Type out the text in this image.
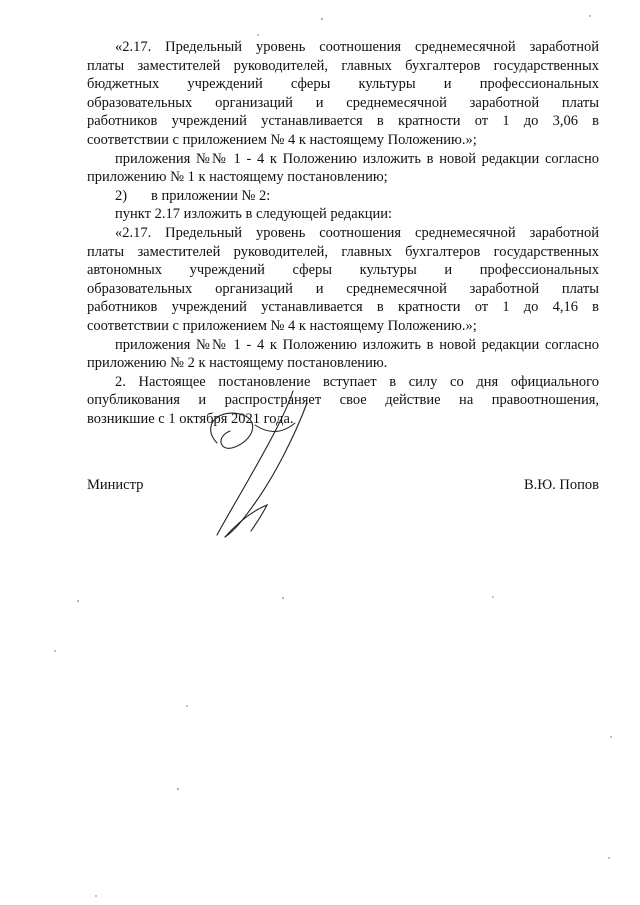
«2.17. Предельный уровень соотношения среднемесячной заработной
платы заместителей руководителей, главных бухгалтеров государственных
бюджетных учреждений сферы культуры и профессиональных
образовательных организаций и среднемесячной заработной платы
работников учреждений устанавливается в кратности от 1 до 3,06 в
соответствии с приложением № 4 к настоящему Положению.»;

приложения №№ 1 - 4 к Положению изложить в новой редакции согласно
приложению № 1 к настоящему постановлению;

2) в приложении № 2:

пункт 2.17 изложить в следующей редакции:

«2.17. Предельный уровень соотношения среднемесячной заработной
платы заместителей руководителей, главных бухгалтеров государственных
автономных учреждений сферы культуры и профессиональных
образовательных организаций и среднемесячной заработной платы
работников учреждений устанавливается в кратности от 1 до 4,16 в
соответствии с приложением № 4 к настоящему Положению.»;

приложения №№ 1 - 4 к Положению изложить в новой редакции согласно
приложению № 2 к настоящему постановлению.

2. Настоящее постановление вступает в силу со дня официального
опубликования и распространяет свое действие на правоотношения,
возникшие с 1 октября 2021 года.

Министр	В.Ю. Попов
